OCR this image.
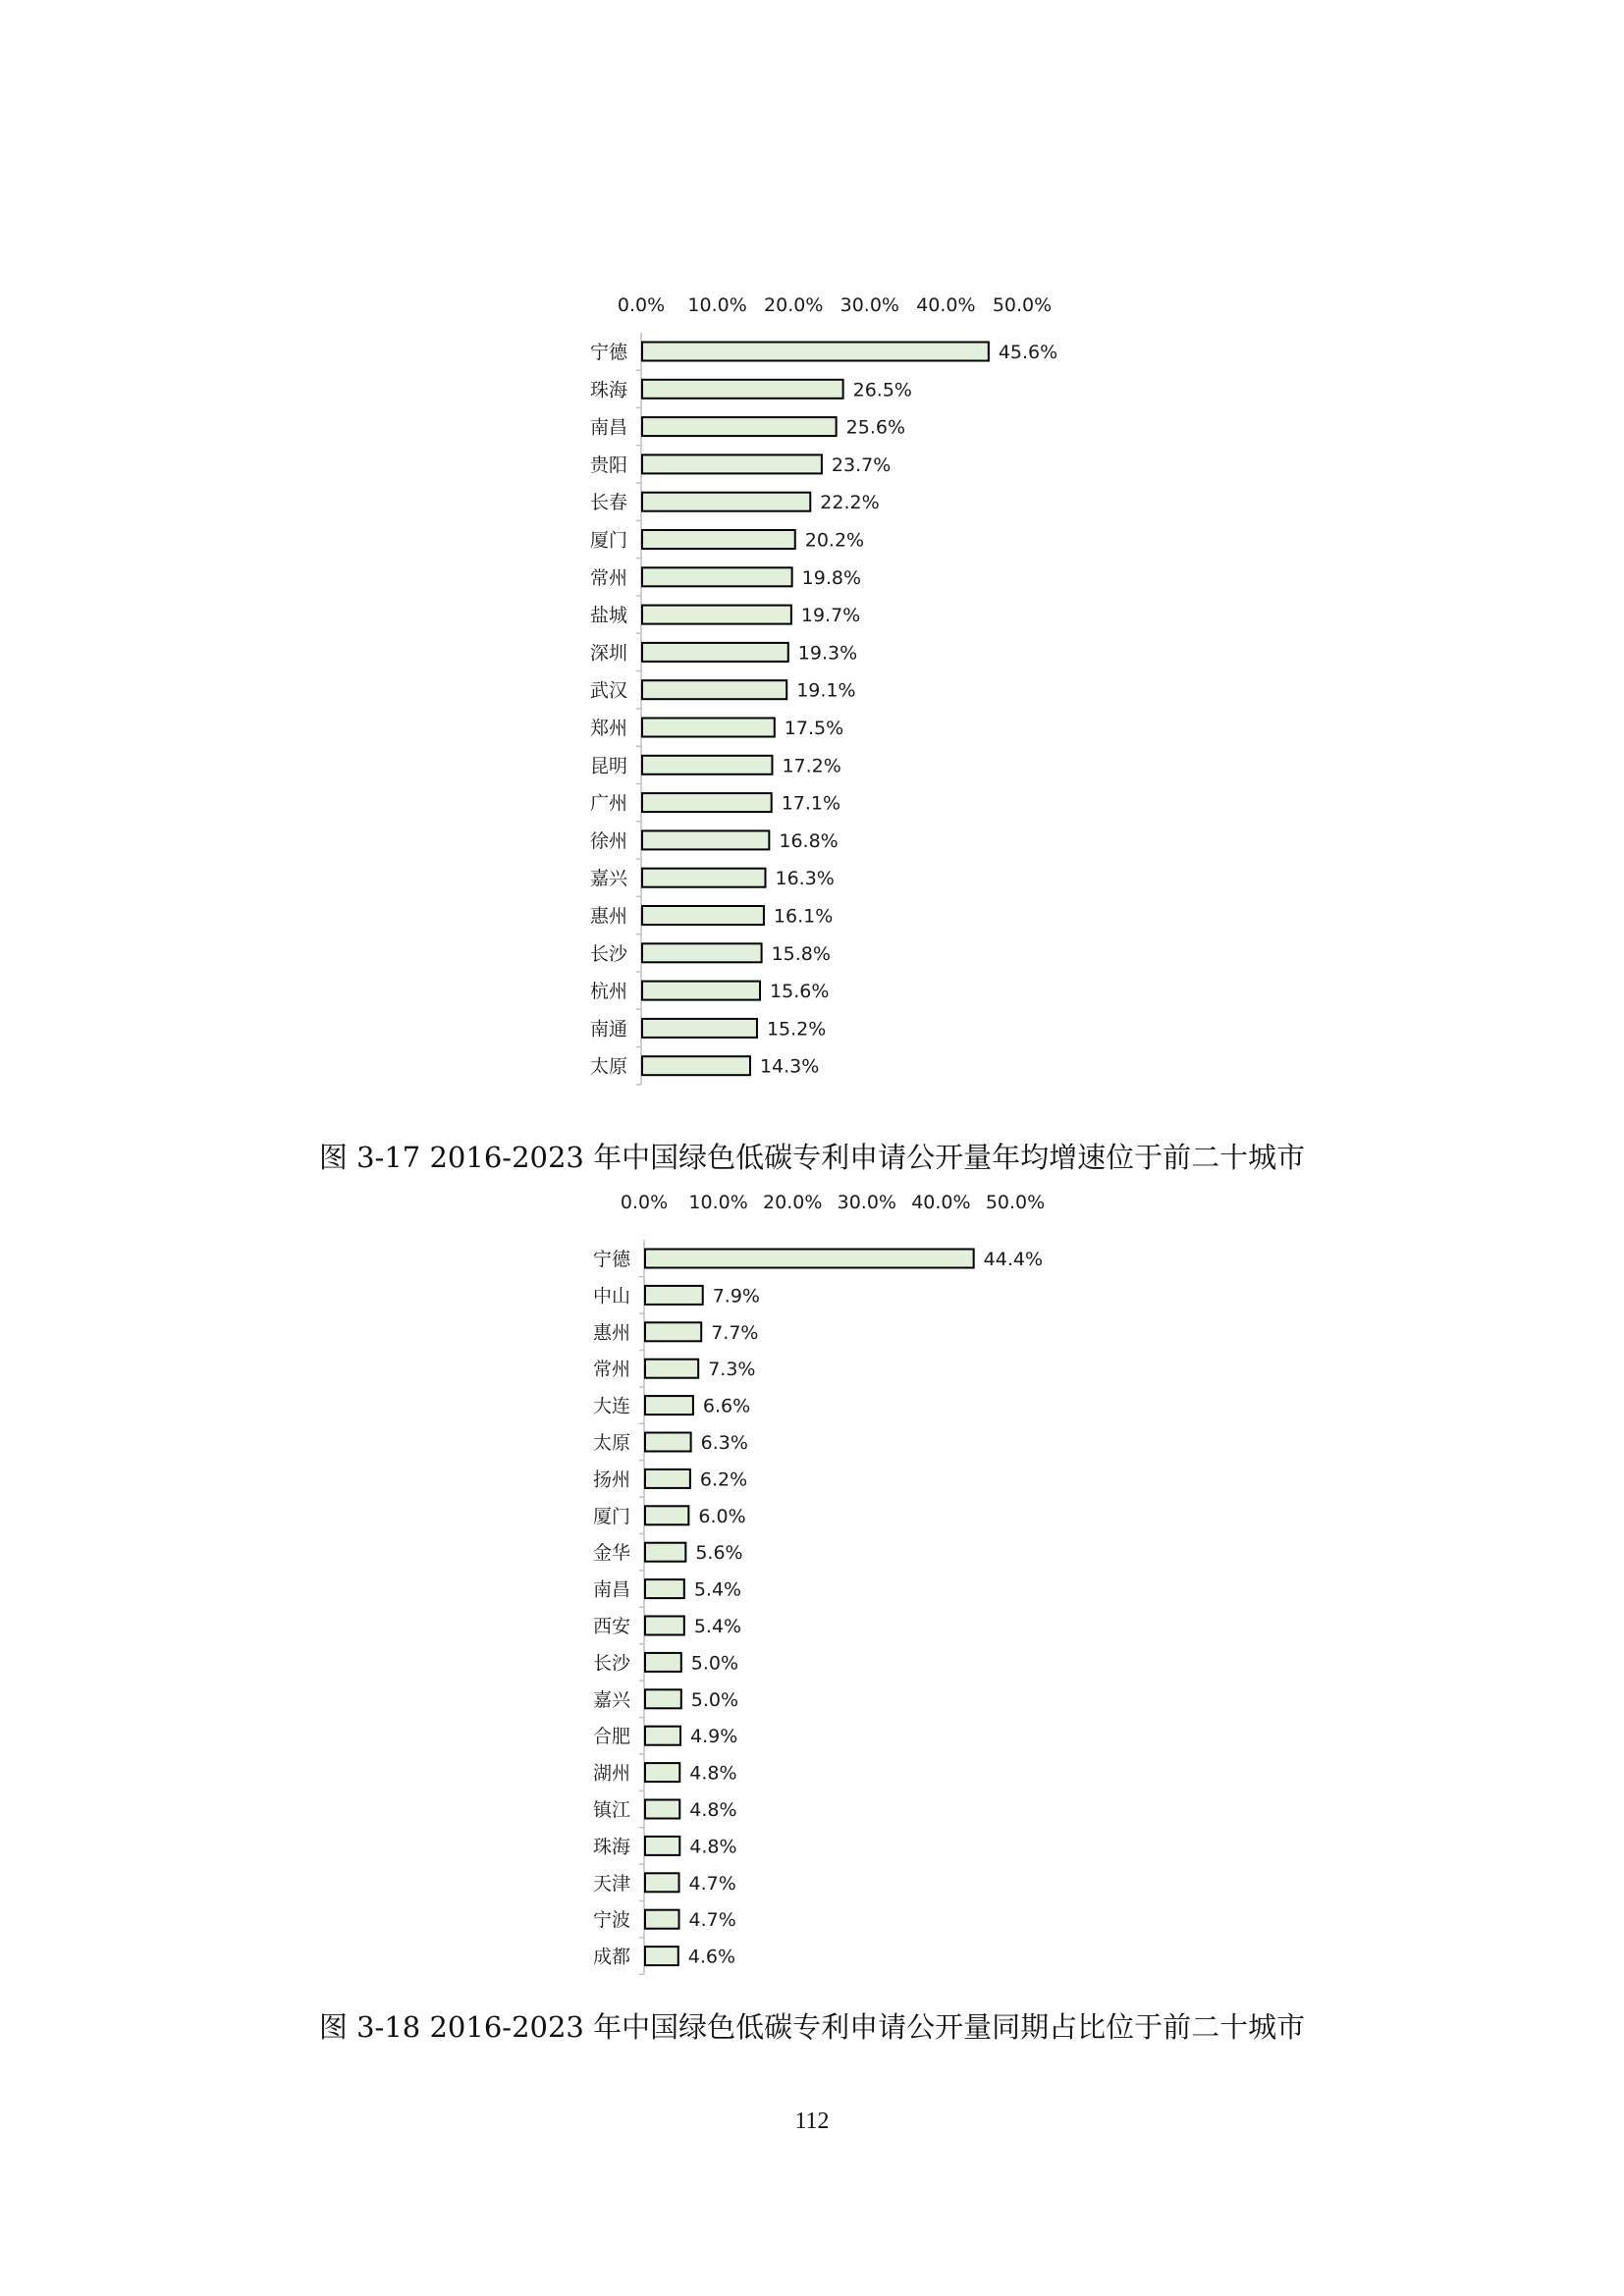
0.0% 10.0% 20.0% 30.0% 40.0% 50.0%
宁德	45.6%
珠海	26.5%
南昌	25.6%
贵阳	23.7%
长春	22.2%
厦门	20.2%
常州	19.8%
盐城	19.7%
深圳	19.3%
武汉	19.1%
郑州	17.5%
昆明	17.2%
广州	17.1%
徐州	16.8%
嘉兴	16.3%
惠州	16.1%
长沙	15.8%
杭州	15.6%
南通	15.2%
太原	14.3%
图 3-17 2016-2023 年中国绿色低碳专利申请公开量年均增速位于前二十城市
0.0% 10.0% 20.0% 30.0% 40.0% 50.0%
宁德	44.4%
中山	7.9%
惠州	7.7%
常州	7.3%
大连	6.6%
太原	6.3%
扬州	6.2%
厦门	6.0%
金华	5.6%
南昌	5.4%
西安	5.4%
长沙	5.0%
嘉兴	5.0%
合肥	4.9%
湖州	4.8%
镇江	4.8%
珠海	4.8%
天津	4.7%
宁波	4.7%
成都	4.6%
图 3-18 2016-2023 年中国绿色低碳专利申请公开量同期占比位于前二十城市
112
